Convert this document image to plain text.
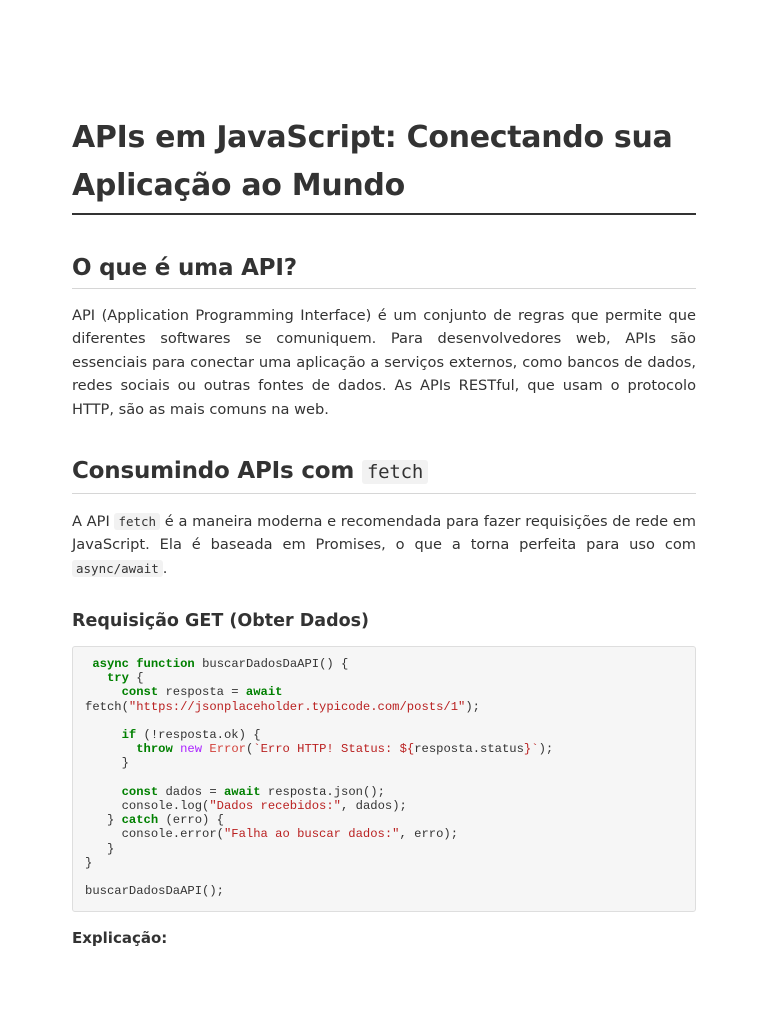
APIs em JavaScript: Conectando sua Aplicação ao Mundo
O que é uma API?

API (Application Programming Interface) é um conjunto de regras que permite que diferentes softwares se comuniquem. Para desenvolvedores web, APIs são essenciais para conectar uma aplicação a serviços externos, como bancos de dados, redes sociais ou outras fontes de dados. As APIs RESTful, que usam o protocolo HTTP, são as mais comuns na web.

Consumindo APIs com fetch

A API fetch é a maneira moderna e recomendada para fazer requisições de rede em JavaScript. Ela é baseada em Promises, o que a torna perfeita para uso com async/await .

Requisição GET (Obter Dados)
async function buscarDadosDaAPI() {
try {
const resposta = await
fetch("https://jsonplaceholder.typicode.com/posts/1");

if (!resposta.ok) {
throw new Error(`Erro HTTP! Status: ${resposta.status}`);
}

const dados = await resposta.json();
console.log("Dados recebidos:", dados);
} catch (erro) {
console.error("Falha ao buscar dados:", erro);
}
}

buscarDadosDaAPI();

Explicação:
